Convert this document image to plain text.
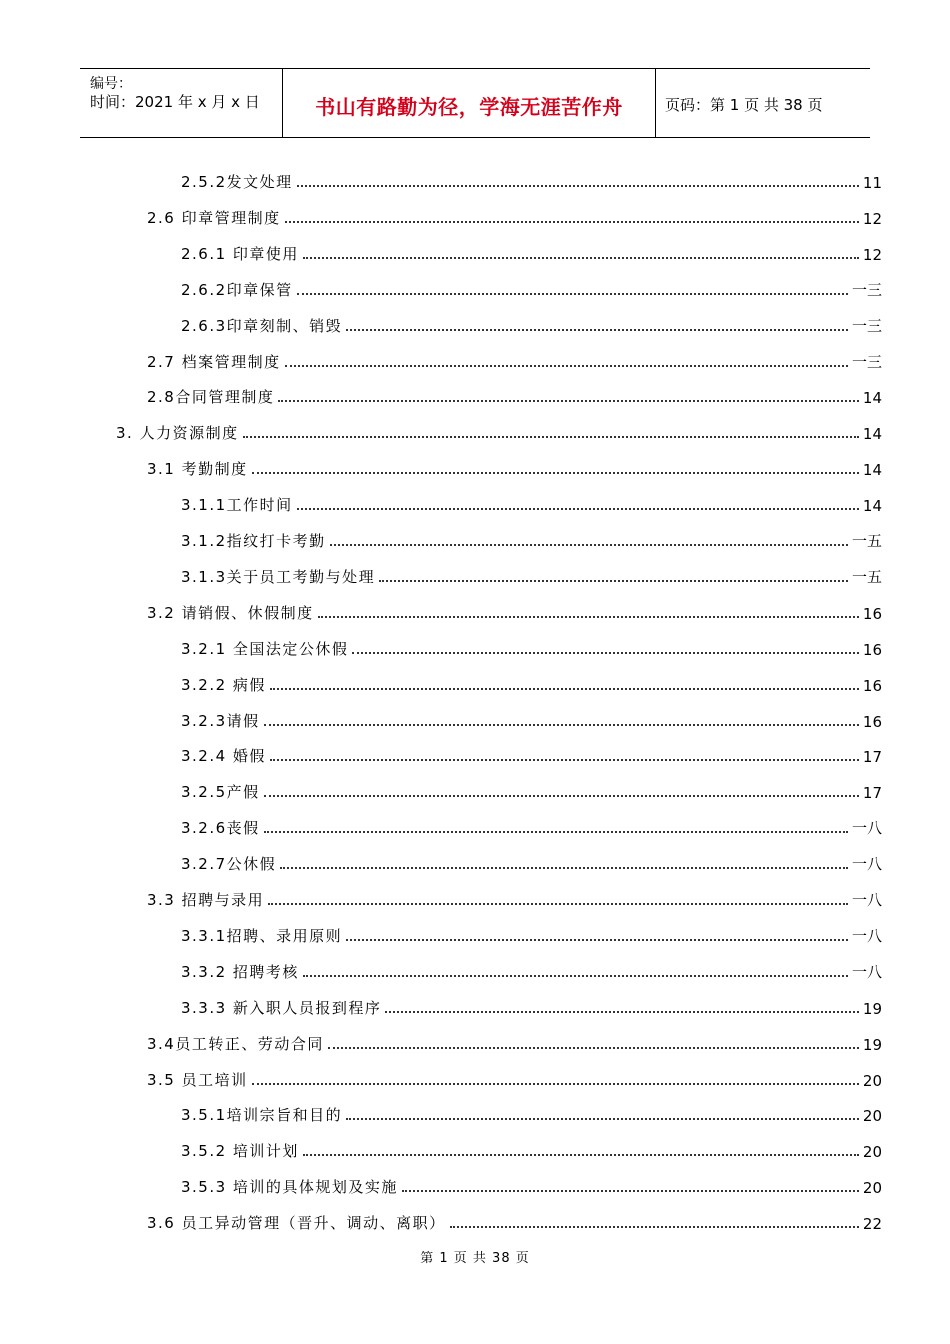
编号：
时间：2021 年 x 月 x 日	书山有路勤为径，学海无涯苦作舟	页码：第 1 页 共 38 页
2.5.2发文处理	11
2.6 印章管理制度	12
2.6.1 印章使用	12
2.6.2印章保管	一三
2.6.3印章刻制、销毁	一三
2.7 档案管理制度	一三
2.8合同管理制度	14
3. 人力资源制度	14
3.1 考勤制度	14
3.1.1工作时间	14
3.1.2指纹打卡考勤	一五
3.1.3关于员工考勤与处理	一五
3.2 请销假、休假制度	16
3.2.1 全国法定公休假	16
3.2.2 病假	16
3.2.3请假	16
3.2.4 婚假	17
3.2.5产假	17
3.2.6丧假	一八
3.2.7公休假	一八
3.3 招聘与录用	一八
3.3.1招聘、录用原则	一八
3.3.2 招聘考核	一八
3.3.3 新入职人员报到程序	19
3.4员工转正、劳动合同	19
3.5 员工培训	20
3.5.1培训宗旨和目的	20
3.5.2 培训计划	20
3.5.3 培训的具体规划及实施	20
3.6 员工异动管理（晋升、调动、离职）	22
第 1 页 共 38 页
